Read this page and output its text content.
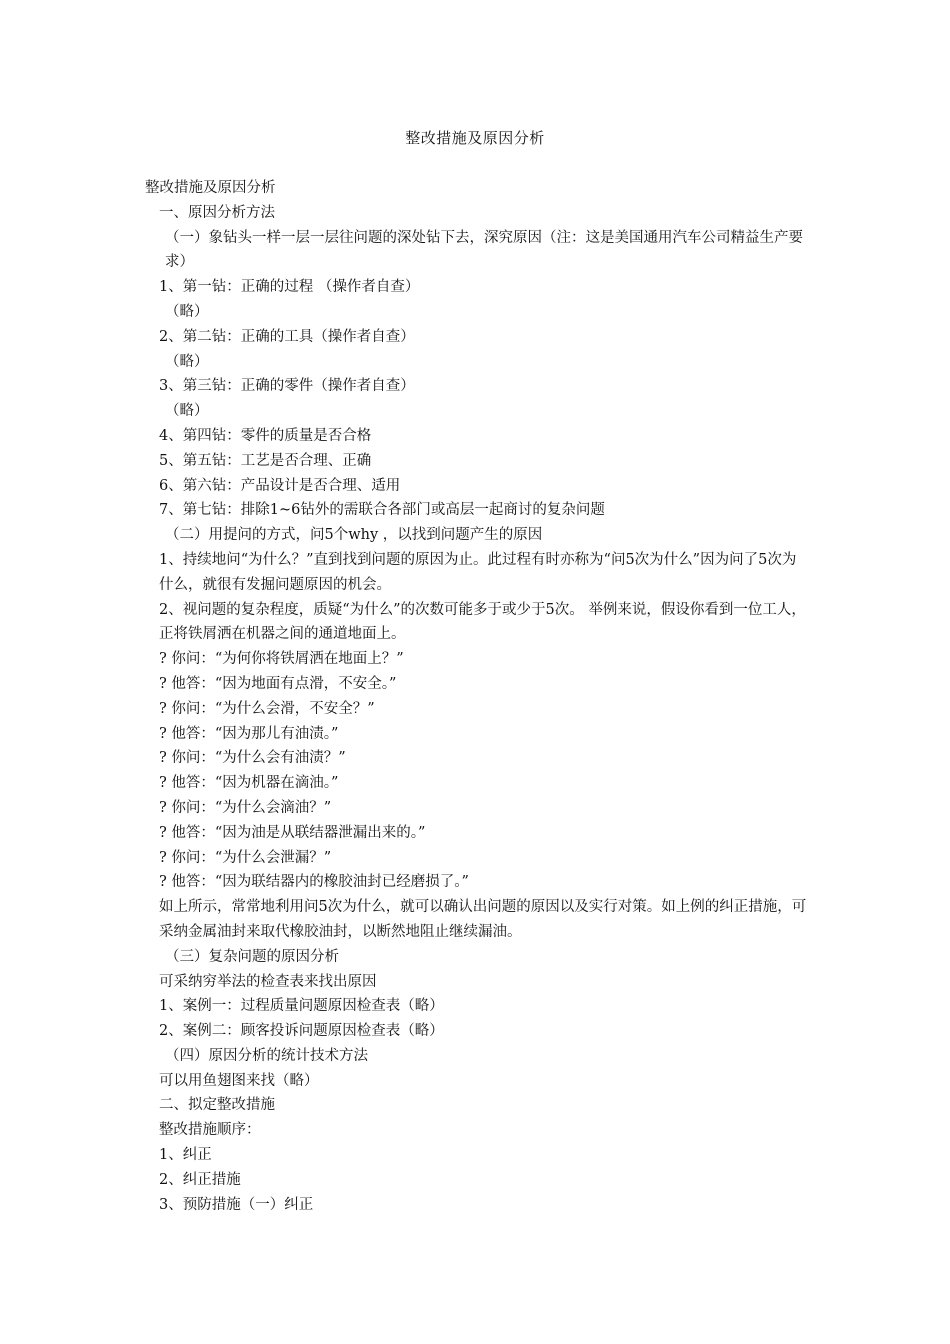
整改措施及原因分析
整改措施及原因分析
一、原因分析方法
（一）象钻头一样一层一层往问题的深处钻下去，深究原因（注：这是美国通用汽车公司精益生产要求）
1、第一钻：正确的过程 （操作者自查）
（略）
2、第二钻：正确的工具（操作者自查）
（略）
3、第三钻：正确的零件（操作者自查）
（略）
4、第四钻：零件的质量是否合格
5、第五钻：工艺是否合理、正确
6、第六钻：产品设计是否合理、适用
7、第七钻：排除1~6钻外的需联合各部门或高层一起商讨的复杂问题
（二）用提问的方式，问5个why ，以找到问题产生的原因
1、持续地问“为什么？”直到找到问题的原因为止。此过程有时亦称为“问5次为什么”因为问了5次为什么，就很有发掘问题原因的机会。
2、视问题的复杂程度，质疑“为什么”的次数可能多于或少于5次。 举例来说，假设你看到一位工人，正将铁屑洒在机器之间的通道地面上。
? 你问：“为何你将铁屑洒在地面上？”
? 他答：“因为地面有点滑，不安全。”
? 你问：“为什么会滑，不安全？”
? 他答：“因为那儿有油渍。”
? 你问：“为什么会有油渍？”
? 他答：“因为机器在滴油。”
? 你问：“为什么会滴油？”
? 他答：“因为油是从联结器泄漏出来的。”
? 你问：“为什么会泄漏？”
? 他答：“因为联结器内的橡胶油封已经磨损了。”
如上所示，常常地利用问5次为什么，就可以确认出问题的原因以及实行对策。如上例的纠正措施，可采纳金属油封来取代橡胶油封，以断然地阻止继续漏油。
（三）复杂问题的原因分析
可采纳穷举法的检查表来找出原因
1、案例一：过程质量问题原因检查表（略）
2、案例二：顾客投诉问题原因检查表（略）
（四）原因分析的统计技术方法
可以用鱼翅图来找（略）
二、拟定整改措施
整改措施顺序：
1、纠正
2、纠正措施
3、预防措施（一）纠正
